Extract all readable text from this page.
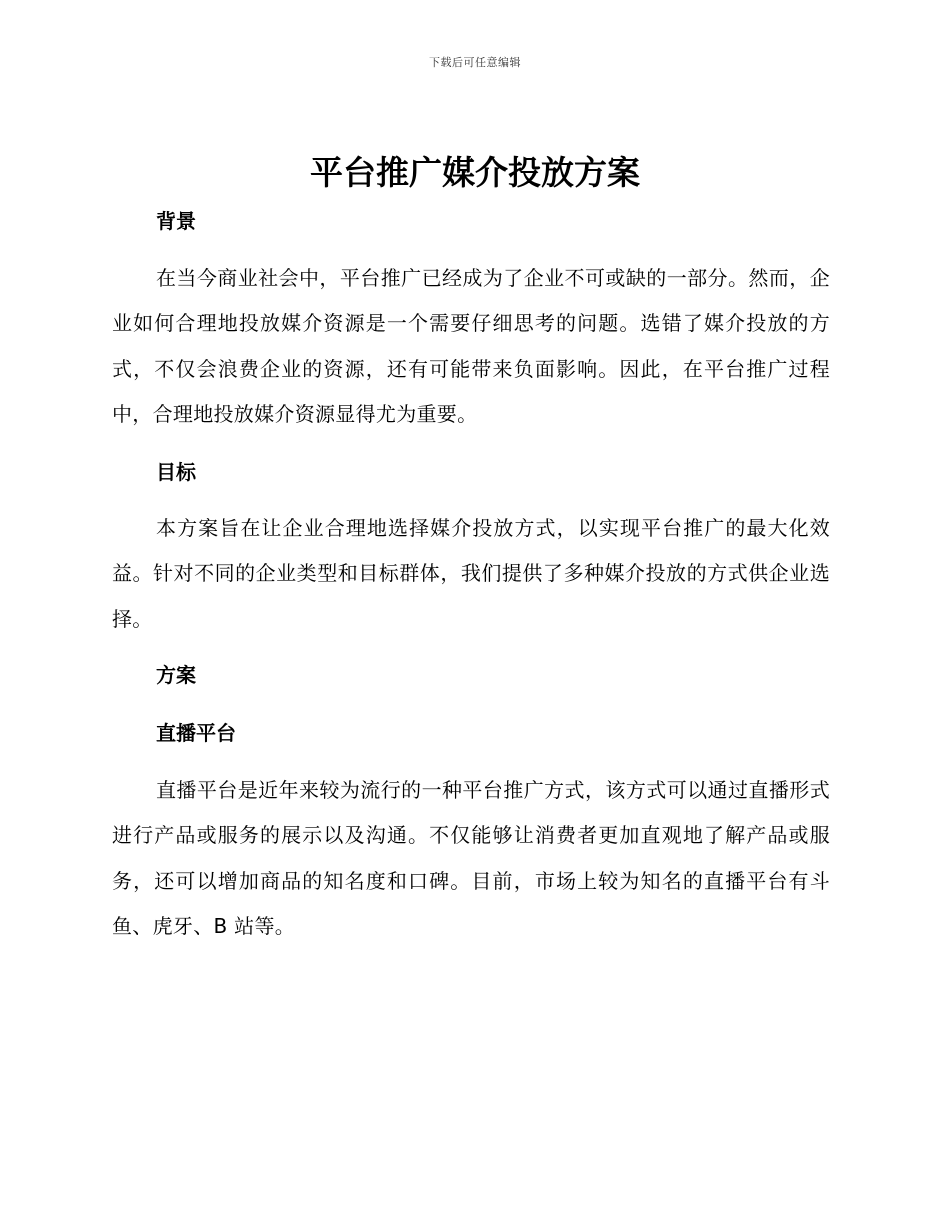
下载后可任意编辑
平台推广媒介投放方案
背景

在当今商业社会中，平台推广已经成为了企业不可或缺的一部分。然而，企业如何合理地投放媒介资源是一个需要仔细思考的问题。选错了媒介投放的方式，不仅会浪费企业的资源，还有可能带来负面影响。因此，在平台推广过程中，合理地投放媒介资源显得尤为重要。

目标

本方案旨在让企业合理地选择媒介投放方式，以实现平台推广的最大化效益。针对不同的企业类型和目标群体，我们提供了多种媒介投放的方式供企业选择。

方案
直播平台

直播平台是近年来较为流行的一种平台推广方式，该方式可以通过直播形式进行产品或服务的展示以及沟通。不仅能够让消费者更加直观地了解产品或服务，还可以增加商品的知名度和口碑。目前，市场上较为知名的直播平台有斗鱼、虎牙、B 站等。
